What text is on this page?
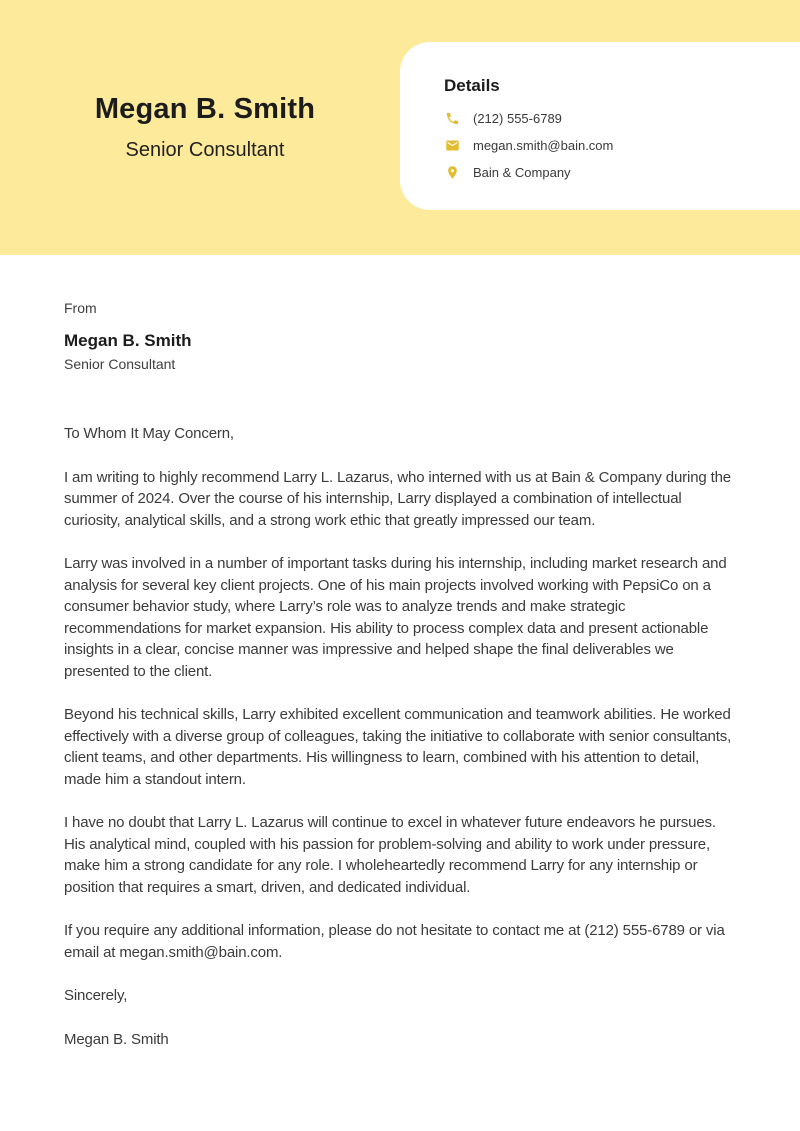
Megan B. Smith
Senior Consultant
Details
(212) 555-6789
megan.smith@bain.com
Bain & Company
From
Megan B. Smith
Senior Consultant

To Whom It May Concern,

I am writing to highly recommend Larry L. Lazarus, who interned with us at Bain & Company during the summer of 2024. Over the course of his internship, Larry displayed a combination of intellectual curiosity, analytical skills, and a strong work ethic that greatly impressed our team.

Larry was involved in a number of important tasks during his internship, including market research and analysis for several key client projects. One of his main projects involved working with PepsiCo on a consumer behavior study, where Larry’s role was to analyze trends and make strategic recommendations for market expansion. His ability to process complex data and present actionable insights in a clear, concise manner was impressive and helped shape the final deliverables we presented to the client.

Beyond his technical skills, Larry exhibited excellent communication and teamwork abilities. He worked effectively with a diverse group of colleagues, taking the initiative to collaborate with senior consultants, client teams, and other departments. His willingness to learn, combined with his attention to detail, made him a standout intern.

I have no doubt that Larry L. Lazarus will continue to excel in whatever future endeavors he pursues. His analytical mind, coupled with his passion for problem-solving and ability to work under pressure, make him a strong candidate for any role. I wholeheartedly recommend Larry for any internship or position that requires a smart, driven, and dedicated individual.

If you require any additional information, please do not hesitate to contact me at (212) 555-6789 or via email at megan.smith@bain.com.

Sincerely,

Megan B. Smith
